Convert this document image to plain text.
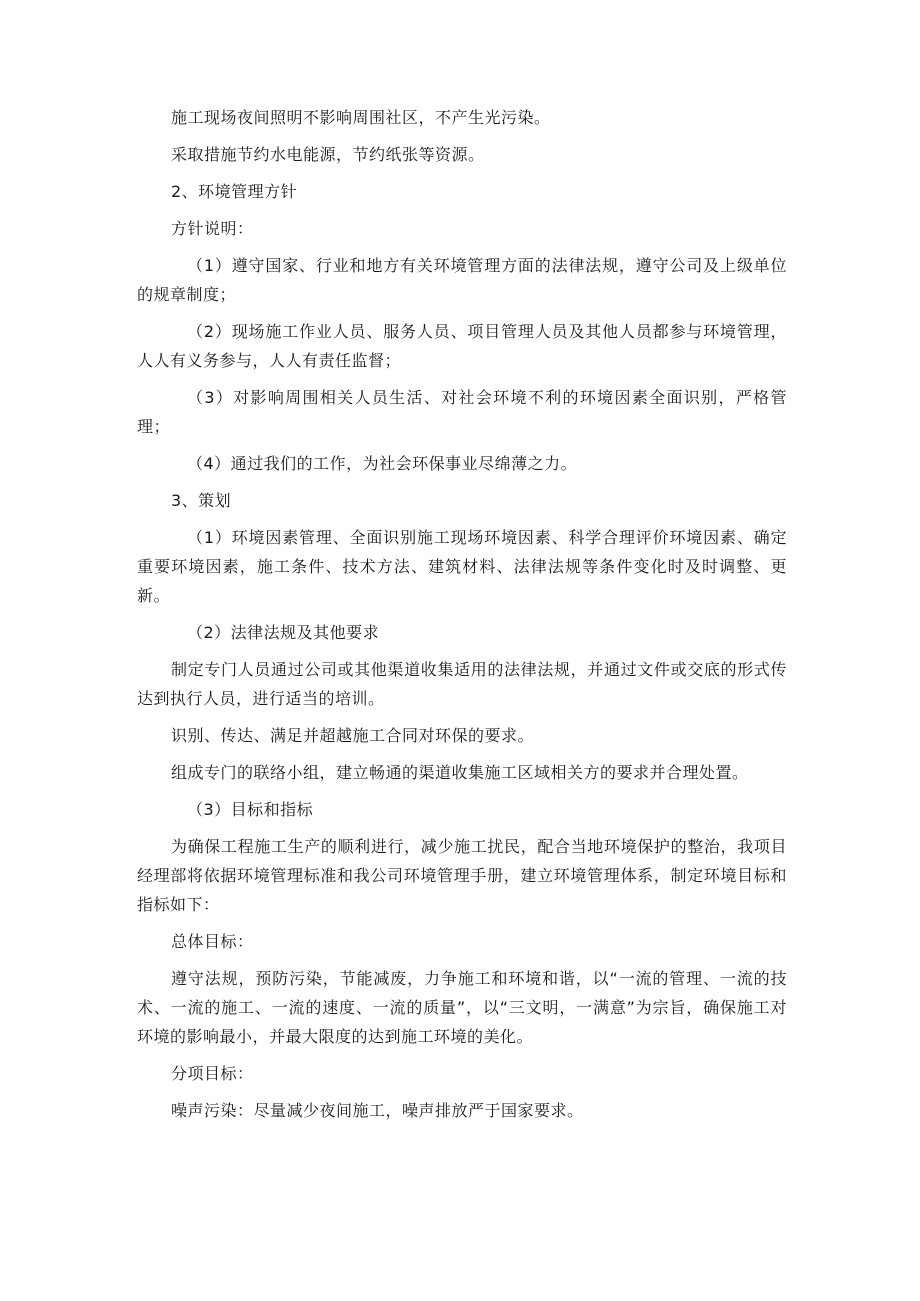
施工现场夜间照明不影响周围社区，不产生光污染。

采取措施节约水电能源，节约纸张等资源。

2、环境管理方针

方针说明：

（1）遵守国家、行业和地方有关环境管理方面的法律法规，遵守公司及上级单位的规章制度；

（2）现场施工作业人员、服务人员、项目管理人员及其他人员都参与环境管理，人人有义务参与，人人有责任监督；

（3）对影响周围相关人员生活、对社会环境不利的环境因素全面识别，严格管理；

（4）通过我们的工作，为社会环保事业尽绵薄之力。

3、策划

（1）环境因素管理、全面识别施工现场环境因素、科学合理评价环境因素、确定重要环境因素，施工条件、技术方法、建筑材料、法律法规等条件变化时及时调整、更新。

（2）法律法规及其他要求

制定专门人员通过公司或其他渠道收集适用的法律法规，并通过文件或交底的形式传达到执行人员，进行适当的培训。

识别、传达、满足并超越施工合同对环保的要求。

组成专门的联络小组，建立畅通的渠道收集施工区域相关方的要求并合理处置。

（3）目标和指标

为确保工程施工生产的顺利进行，减少施工扰民，配合当地环境保护的整治，我项目经理部将依据环境管理标准和我公司环境管理手册，建立环境管理体系，制定环境目标和指标如下：

总体目标：

遵守法规，预防污染，节能减废，力争施工和环境和谐，以“一流的管理、一流的技术、一流的施工、一流的速度、一流的质量”，以“三文明，一满意”为宗旨，确保施工对环境的影响最小，并最大限度的达到施工环境的美化。

分项目标：

噪声污染：尽量减少夜间施工，噪声排放严于国家要求。
